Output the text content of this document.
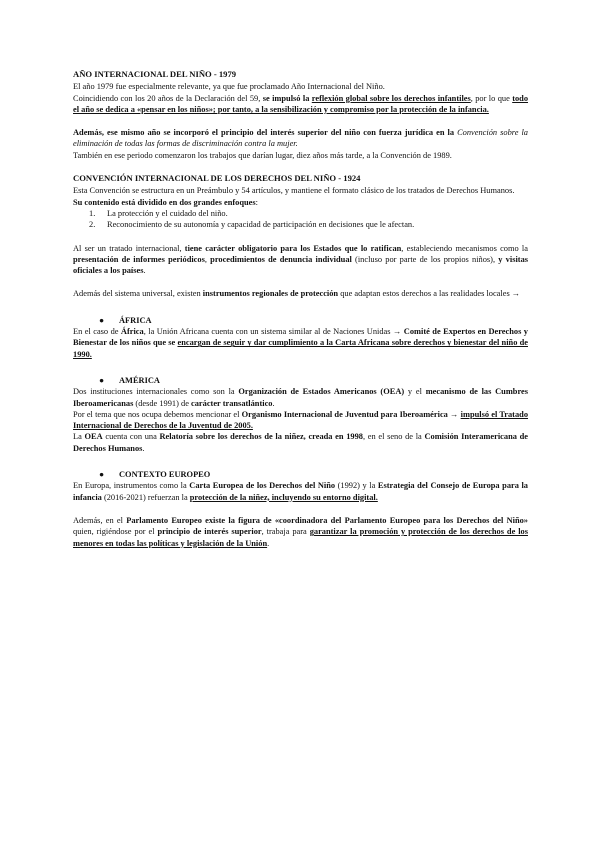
AÑO INTERNACIONAL DEL NIÑO - 1979

El año 1979 fue especialmente relevante, ya que fue proclamado Año Internacional del Niño.

Coincidiendo con los 20 años de la Declaración del 59, se impulsó la reflexión global sobre los derechos infantiles, por lo que todo el año se dedica a «pensar en los niños»; por tanto, a la sensibilización y compromiso por la protección de la infancia.

Además, ese mismo año se incorporó el principio del interés superior del niño con fuerza jurídica en la Convención sobre la eliminación de todas las formas de discriminación contra la mujer.

También en ese periodo comenzaron los trabajos que darían lugar, diez años más tarde, a la Convención de 1989.

CONVENCIÓN INTERNACIONAL DE LOS DERECHOS DEL NIÑO - 1924

Esta Convención se estructura en un Preámbulo y 54 artículos, y mantiene el formato clásico de los tratados de Derechos Humanos.

Su contenido está dividido en dos grandes enfoques:

1. La protección y el cuidado del niño.
2. Reconocimiento de su autonomía y capacidad de participación en decisiones que le afectan.

Al ser un tratado internacional, tiene carácter obligatorio para los Estados que lo ratifican, estableciendo mecanismos como la presentación de informes periódicos, procedimientos de denuncia individual (incluso por parte de los propios niños), y visitas oficiales a los países.

Además del sistema universal, existen instrumentos regionales de protección que adaptan estos derechos a las realidades locales →

● ÁFRICA

En el caso de África, la Unión Africana cuenta con un sistema similar al de Naciones Unidas → Comité de Expertos en Derechos y Bienestar de los niños que se encargan de seguir y dar cumplimiento a la Carta Africana sobre derechos y bienestar del niño de 1990.

● AMÉRICA

Dos instituciones internacionales como son la Organización de Estados Americanos (OEA) y el mecanismo de las Cumbres Iberoamericanas (desde 1991) de carácter transatlántico.

Por el tema que nos ocupa debemos mencionar el Organismo Internacional de Juventud para Iberoamérica → impulsó el Tratado Internacional de Derechos de la Juventud de 2005.

La OEA cuenta con una Relatoría sobre los derechos de la niñez, creada en 1998, en el seno de la Comisión Interamericana de Derechos Humanos.

● CONTEXTO EUROPEO

En Europa, instrumentos como la Carta Europea de los Derechos del Niño (1992) y la Estrategia del Consejo de Europa para la infancia (2016-2021) refuerzan la protección de la niñez, incluyendo su entorno digital.

Además, en el Parlamento Europeo existe la figura de «coordinadora del Parlamento Europeo para los Derechos del Niño» quien, rigiéndose por el principio de interés superior, trabaja para garantizar la promoción y protección de los derechos de los menores en todas las políticas y legislación de la Unión.
